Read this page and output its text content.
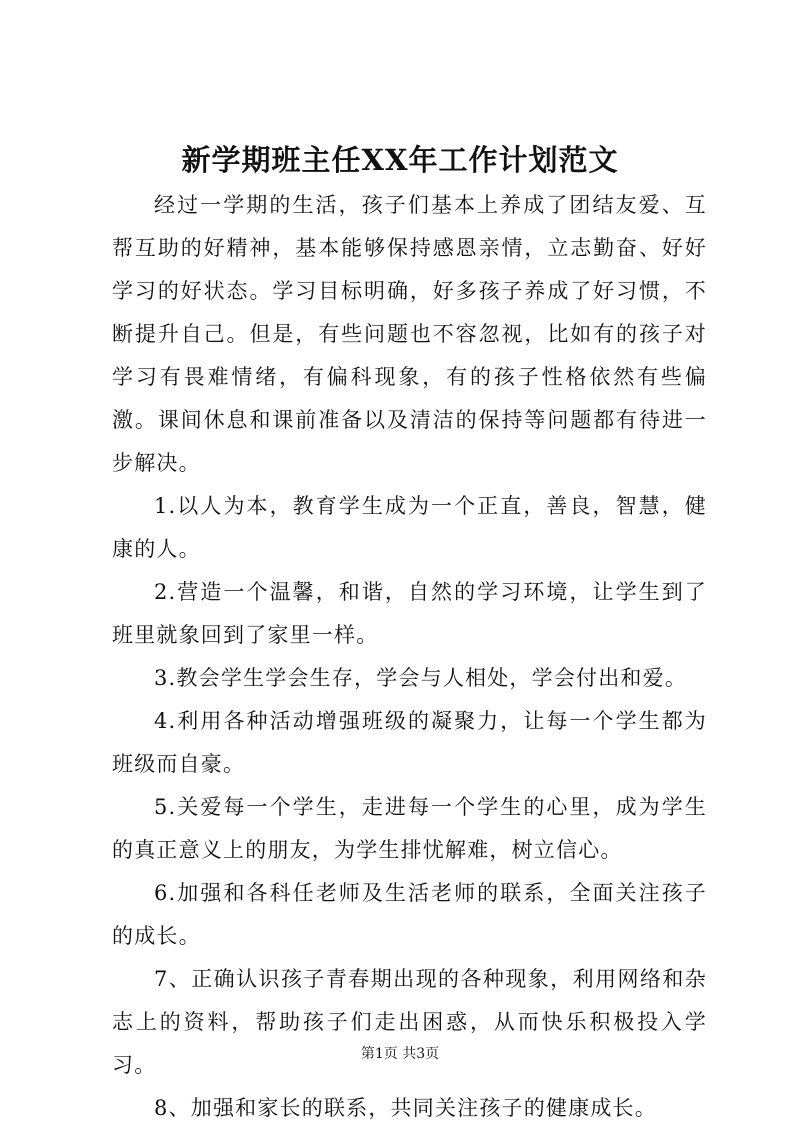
新学期班主任XX年工作计划范文

经过一学期的生活，孩子们基本上养成了团结友爱、互帮互助的好精神，基本能够保持感恩亲情，立志勤奋、好好学习的好状态。学习目标明确，好多孩子养成了好习惯，不断提升自己。但是，有些问题也不容忽视，比如有的孩子对学习有畏难情绪，有偏科现象，有的孩子性格依然有些偏激。课间休息和课前准备以及清洁的保持等问题都有待进一步解决。

1.以人为本，教育学生成为一个正直，善良，智慧，健康的人。

2.营造一个温馨，和谐，自然的学习环境，让学生到了班里就象回到了家里一样。

3.教会学生学会生存，学会与人相处，学会付出和爱。

4.利用各种活动增强班级的凝聚力，让每一个学生都为班级而自豪。

5.关爱每一个学生，走进每一个学生的心里，成为学生的真正意义上的朋友，为学生排忧解难，树立信心。

6.加强和各科任老师及生活老师的联系，全面关注孩子的成长。

7、正确认识孩子青春期出现的各种现象，利用网络和杂志上的资料，帮助孩子们走出困惑，从而快乐积极投入学习。

8、加强和家长的联系，共同关注孩子的健康成长。

第1页 共3页
